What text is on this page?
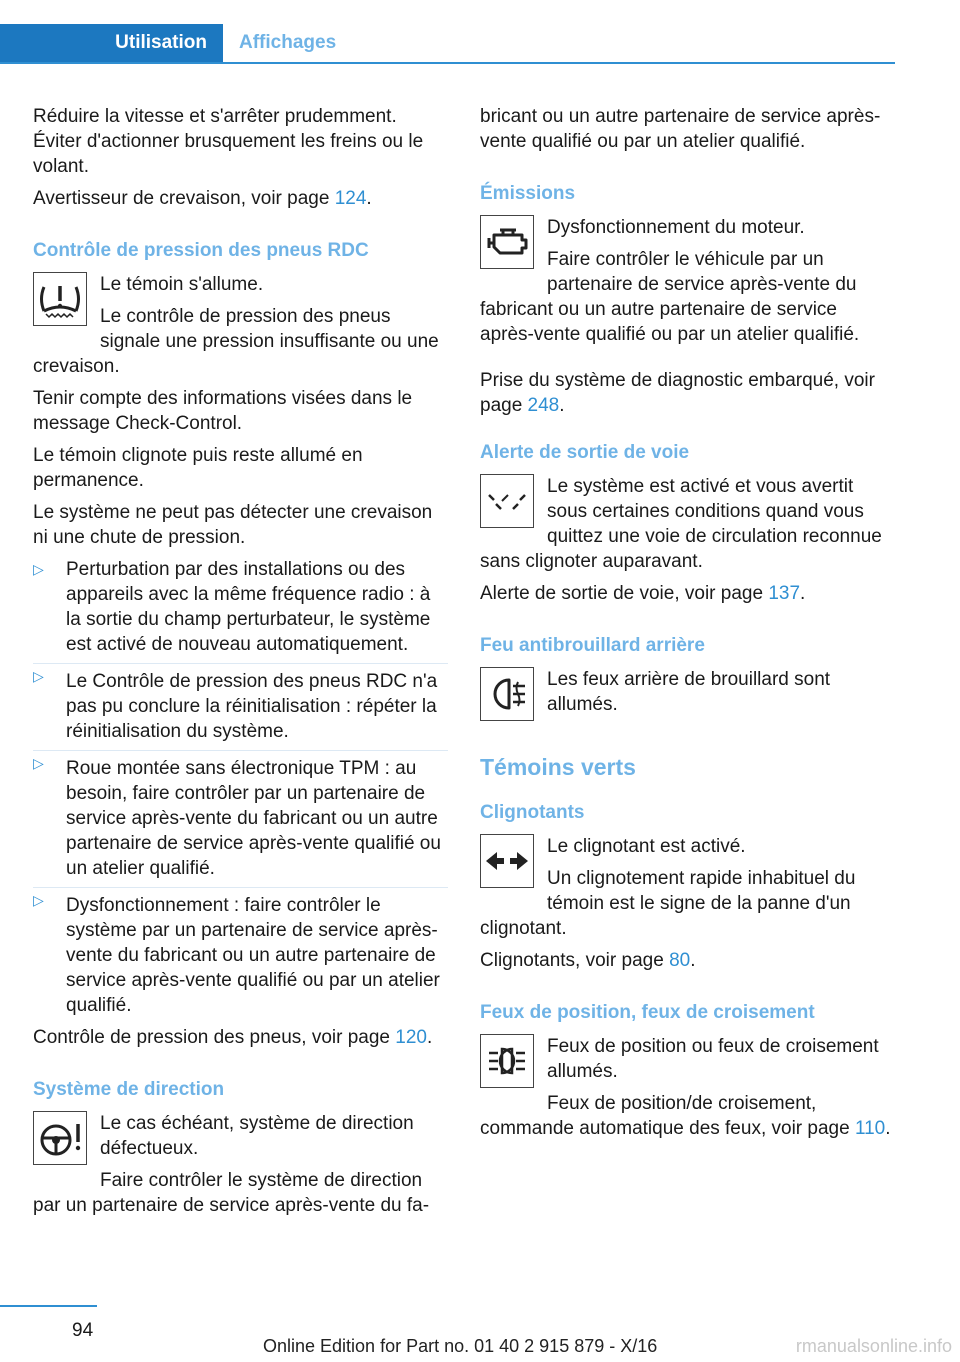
Utilisation	Affichages

Réduire la vitesse et s'arrêter prudemment. Éviter d'actionner brusquement les freins ou le volant.

Avertisseur de crevaison, voir page 124.

Contrôle de pression des pneus RDC

Le témoin s'allume.

Le contrôle de pression des pneus signale une pression insuffisante ou une crevaison.

Tenir compte des informations visées dans le message Check-Control.

Le témoin clignote puis reste allumé en permanence.

Le système ne peut pas détecter une crevaison ni une chute de pression.

▷ Perturbation par des installations ou des appareils avec la même fréquence radio : à la sortie du champ perturbateur, le système est activé de nouveau automatiquement.
▷ Le Contrôle de pression des pneus RDC n'a pas pu conclure la réinitialisation : répéter la réinitialisation du système.
▷ Roue montée sans électronique TPM : au besoin, faire contrôler par un partenaire de service après-vente du fabricant ou un autre partenaire de service après-vente qualifié ou un atelier qualifié.
▷ Dysfonctionnement : faire contrôler le système par un partenaire de service après-vente du fabricant ou un autre partenaire de service après-vente qualifié ou par un atelier qualifié.

Contrôle de pression des pneus, voir page 120.

Système de direction

Le cas échéant, système de direction défectueux.

Faire contrôler le système de direction par un partenaire de service après-vente du fa-

bricant ou un autre partenaire de service après-vente qualifié ou par un atelier qualifié.

Émissions

Dysfonctionnement du moteur.

Faire contrôler le véhicule par un partenaire de service après-vente du fabricant ou un autre partenaire de service après-vente qualifié ou par un atelier qualifié.

Prise du système de diagnostic embarqué, voir page 248.

Alerte de sortie de voie

Le système est activé et vous avertit sous certaines conditions quand vous quittez une voie de circulation reconnue sans clignoter auparavant.

Alerte de sortie de voie, voir page 137.

Feu antibrouillard arrière

Les feux arrière de brouillard sont allumés.

Témoins verts
Clignotants

Le clignotant est activé.

Un clignotement rapide inhabituel du témoin est le signe de la panne d'un clignotant.

Clignotants, voir page 80.

Feux de position, feux de croisement

Feux de position ou feux de croisement allumés.

Feux de position/de croisement, commande automatique des feux, voir page 110.

94
Online Edition for Part no. 01 40 2 915 879 - X/16	rmanualsonline.info
